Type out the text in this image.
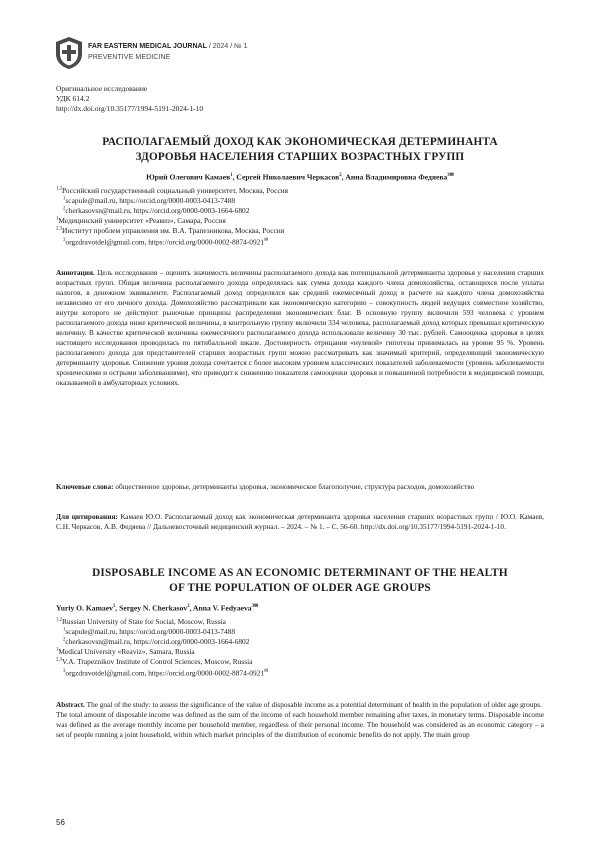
FAR EASTERN MEDICAL JOURNAL / 2024 / № 1
PREVENTIVE MEDICINE
Оригинальное исследование
УДК 614.2
http://dx.doi.org/10.35177/1994-5191-2024-1-10
РАСПОЛАГАЕМЫЙ ДОХОД КАК ЭКОНОМИЧЕСКАЯ ДЕТЕРМИНАНТА
ЗДОРОВЬЯ НАСЕЛЕНИЯ СТАРШИХ ВОЗРАСТНЫХ ГРУПП
Юрий Олегович Камаев$^1$, Сергей Николаевич Черкасов$^2$, Анна Владимировна Федяева$^{3✉}$
$^{1,2}$Российский государственный социальный университет, Москва, Россия
$^1$scapule@mail.ru, https://orcid.org/0000-0003-0413-7488
$^2$cherkasovsn@mail.ru, https://orcid.org/0000-0003-1664-6802
$^1$Медицинский университет «Реавиз», Самара, Россия
$^{2,3}$Институт проблем управления им. В.А. Трапезникова, Москва, Россия
$^3$orgzdravotdel@gmail.com, https://orcid.org/0000-0002-8874-0921✉
Аннотация. Цель исследования – оценить значимость величины располагаемого дохода как потенциальной детерминанты здоровья у населения старших возрастных групп. Общая величина располагаемого дохода определялась как сумма дохода каждого члена домохозяйства, остающихся после уплаты налогов, в денежном эквиваленте. Располагаемый доход определялся как средний ежемесячный доход в расчете на каждого члена домохозяйства независимо от его личного дохода. Домохозяйство рассматривали как экономическую категорию – совокупность людей ведущих совместное хозяйство, внутри которого не действуют рыночные принципы распределения экономических благ. В основную группу включили 593 человека с уровнем располагаемого дохода ниже критической величины, в контрольную группу включили 334 человека, располагаемый доход которых превышал критическую величину. В качестве критической величины ежемесячного располагаемого дохода использовали величину 30 тыс. рублей. Самооценка здоровья в целях настоящего исследования проводилась по пятибалльной шкале. Достоверность отрицания «нулевой» гипотезы принималась на уровне 95 %. Уровень располагаемого дохода для представителей старших возрастных групп можно рассматривать как значимый критерий, определяющий экономическую детерминанту здоровья. Снижение уровня дохода сочетается с более высоким уровнем классических показателей заболеваемости (уровень заболеваемости хроническими и острыми заболеваниями), что приводит к снижению показателя самооценки здоровья и повышенной потребности в медицинской помощи, оказываемой в амбулаторных условиях.
Ключевые слова: общественное здоровье, детерминанты здоровья, экономическое благополучие, структура расходов, домохозяйство
Для цитирования: Камаев Ю.О. Располагаемый доход как экономическая детерминанта здоровья населения старших возрастных групп / Ю.О. Камаев, С.Н. Черкасов, А.В. Федяева // Дальневосточный медицинский журнал. – 2024. – № 1. – С. 56-60. http://dx.doi.org/10.35177/1994-5191-2024-1-10.
DISPOSABLE INCOME AS AN ECONOMIC DETERMINANT OF THE HEALTH
OF THE POPULATION OF OLDER AGE GROUPS
Yuriy O. Kamaev$^1$, Sergey N. Cherkasov$^2$, Anna V. Fedyaeva$^{3✉}$
$^{1,2}$Russian University of State for Social, Moscow, Russia
$^1$scapule@mail.ru, https://orcid.org/0000-0003-0413-7488
$^2$cherkasovsn@mail.ru, https://orcid.org/0000-0003-1664-6802
$^1$Medical University «Reaviz», Samara, Russia
$^{2,3}$V.A. Trapeznikov Institute of Control Sciences, Moscow, Russia
$^3$orgzdravotdel@gmail.com, https://orcid.org/0000-0002-8874-0921✉
Abstract. The goal of the study: to assess the significance of the value of disposable income as a potential determinant of health in the population of older age groups.
The total amount of disposable income was defined as the sum of the income of each household member remaining after taxes, in monetary terms. Disposable income was defined as the average monthly income per household member, regardless of their personal income. The household was considered as an economic category – a set of people running a joint household, within which market principles of the distribution of economic benefits do not apply. The main group
56
